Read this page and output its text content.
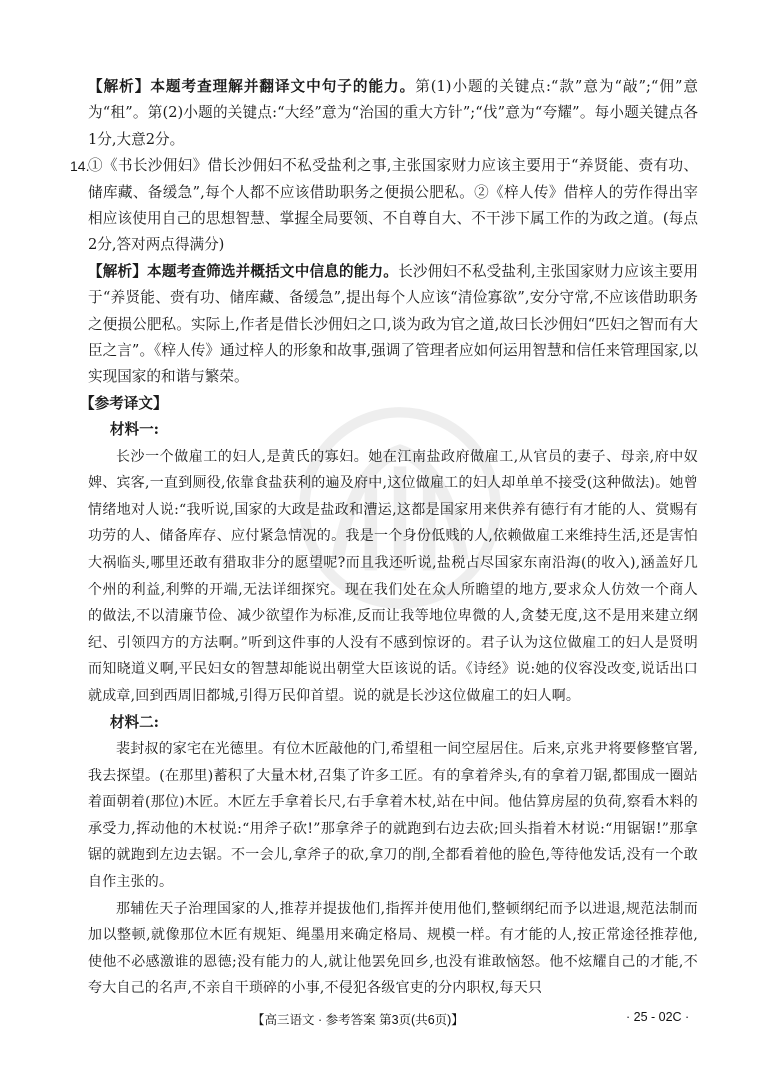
【解析】本题考查理解并翻译文中句子的能力。第(1)小题的关键点:“款”意为“敲”;“佣”意为“租”。第(2)小题的关键点:“大经”意为“治国的重大方针”;“伐”意为“夸耀”。每小题关键点各1分,大意2分。

14.
①《书长沙佣妇》借长沙佣妇不私受盐利之事,主张国家财力应该主要用于“养贤能、赍有功、储库藏、备缓急”,每个人都不应该借助职务之便损公肥私。②《梓人传》借梓人的劳作得出宰相应该使用自己的思想智慧、掌握全局要领、不自尊自大、不干涉下属工作的为政之道。(每点2分,答对两点得满分)

【解析】本题考查筛选并概括文中信息的能力。长沙佣妇不私受盐利,主张国家财力应该主要用于“养贤能、赍有功、储库藏、备缓急”,提出每个人应该“清俭寡欲”,安分守常,不应该借助职务之便损公肥私。实际上,作者是借长沙佣妇之口,谈为政为官之道,故曰长沙佣妇“匹妇之智而有大臣之言”。《梓人传》通过梓人的形象和故事,强调了管理者应如何运用智慧和信任来管理国家,以实现国家的和谐与繁荣。

【参考译文】

材料一:

长沙一个做雇工的妇人,是黄氏的寡妇。她在江南盐政府做雇工,从官员的妻子、母亲,府中奴婢、宾客,一直到厕役,依靠食盐获利的遍及府中,这位做雇工的妇人却单单不接受(这种做法)。她曾情绪地对人说:“我听说,国家的大政是盐政和漕运,这都是国家用来供养有德行有才能的人、赏赐有功劳的人、储备库存、应付紧急情况的。我是一个身份低贱的人,依赖做雇工来维持生活,还是害怕大祸临头,哪里还敢有猎取非分的愿望呢?而且我还听说,盐税占尽国家东南沿海(的收入),涵盖好几个州的利益,利弊的开端,无法详细探究。现在我们处在众人所瞻望的地方,要求众人仿效一个商人的做法,不以清廉节俭、减少欲望作为标准,反而让我等地位卑微的人,贪婪无度,这不是用来建立纲纪、引领四方的方法啊。”听到这件事的人没有不感到惊讶的。君子认为这位做雇工的妇人是贤明而知晓道义啊,平民妇女的智慧却能说出朝堂大臣该说的话。《诗经》说:她的仪容没改变,说话出口就成章,回到西周旧都城,引得万民仰首望。说的就是长沙这位做雇工的妇人啊。

材料二:

裴封叔的家宅在光德里。有位木匠敲他的门,希望租一间空屋居住。后来,京兆尹将要修整官署,我去探望。(在那里)蓄积了大量木材,召集了许多工匠。有的拿着斧头,有的拿着刀锯,都围成一圈站着面朝着(那位)木匠。木匠左手拿着长尺,右手拿着木杖,站在中间。他估算房屋的负荷,察看木料的承受力,挥动他的木杖说:“用斧子砍!”那拿斧子的就跑到右边去砍;回头指着木材说:“用锯锯!”那拿锯的就跑到左边去锯。不一会儿,拿斧子的砍,拿刀的削,全都看着他的脸色,等待他发话,没有一个敢自作主张的。

那辅佐天子治理国家的人,推荐并提拔他们,指挥并使用他们,整顿纲纪而予以进退,规范法制而加以整顿,就像那位木匠有规矩、绳墨用来确定格局、规模一样。有才能的人,按正常途径推荐他,使他不必感激谁的恩德;没有能力的人,就让他罢免回乡,也没有谁敢恼怒。他不炫耀自己的才能,不夸大自己的名声,不亲自干琐碎的小事,不侵犯各级官吏的分内职权,每天只

【高三语文 · 参考答案 第3页(共6页)】	· 25 - 02C ·
